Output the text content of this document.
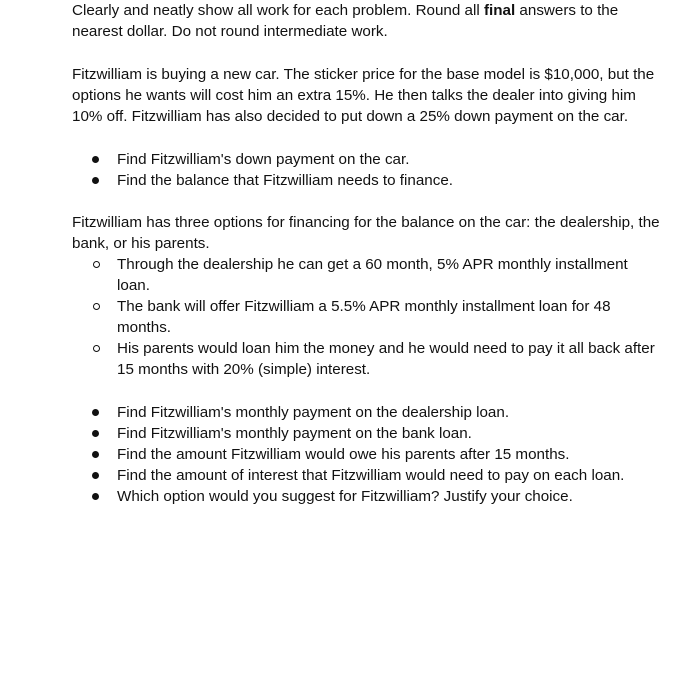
Clearly and neatly show all work for each problem. Round all final answers to the nearest dollar. Do not round intermediate work.

Fitzwilliam is buying a new car. The sticker price for the base model is $10,000, but the options he wants will cost him an extra 15%. He then talks the dealer into giving him 10% off. Fitzwilliam has also decided to put down a 25% down payment on the car.

Find Fitzwilliam's down payment on the car.
Find the balance that Fitzwilliam needs to finance.

Fitzwilliam has three options for financing for the balance on the car: the dealership, the bank, or his parents.

Through the dealership he can get a 60 month, 5% APR monthly installment loan.
The bank will offer Fitzwilliam a 5.5% APR monthly installment loan for 48 months.
His parents would loan him the money and he would need to pay it all back after 15 months with 20% (simple) interest.
Find Fitzwilliam's monthly payment on the dealership loan.
Find Fitzwilliam's monthly payment on the bank loan.
Find the amount Fitzwilliam would owe his parents after 15 months.
Find the amount of interest that Fitzwilliam would need to pay on each loan.
Which option would you suggest for Fitzwilliam? Justify your choice.
